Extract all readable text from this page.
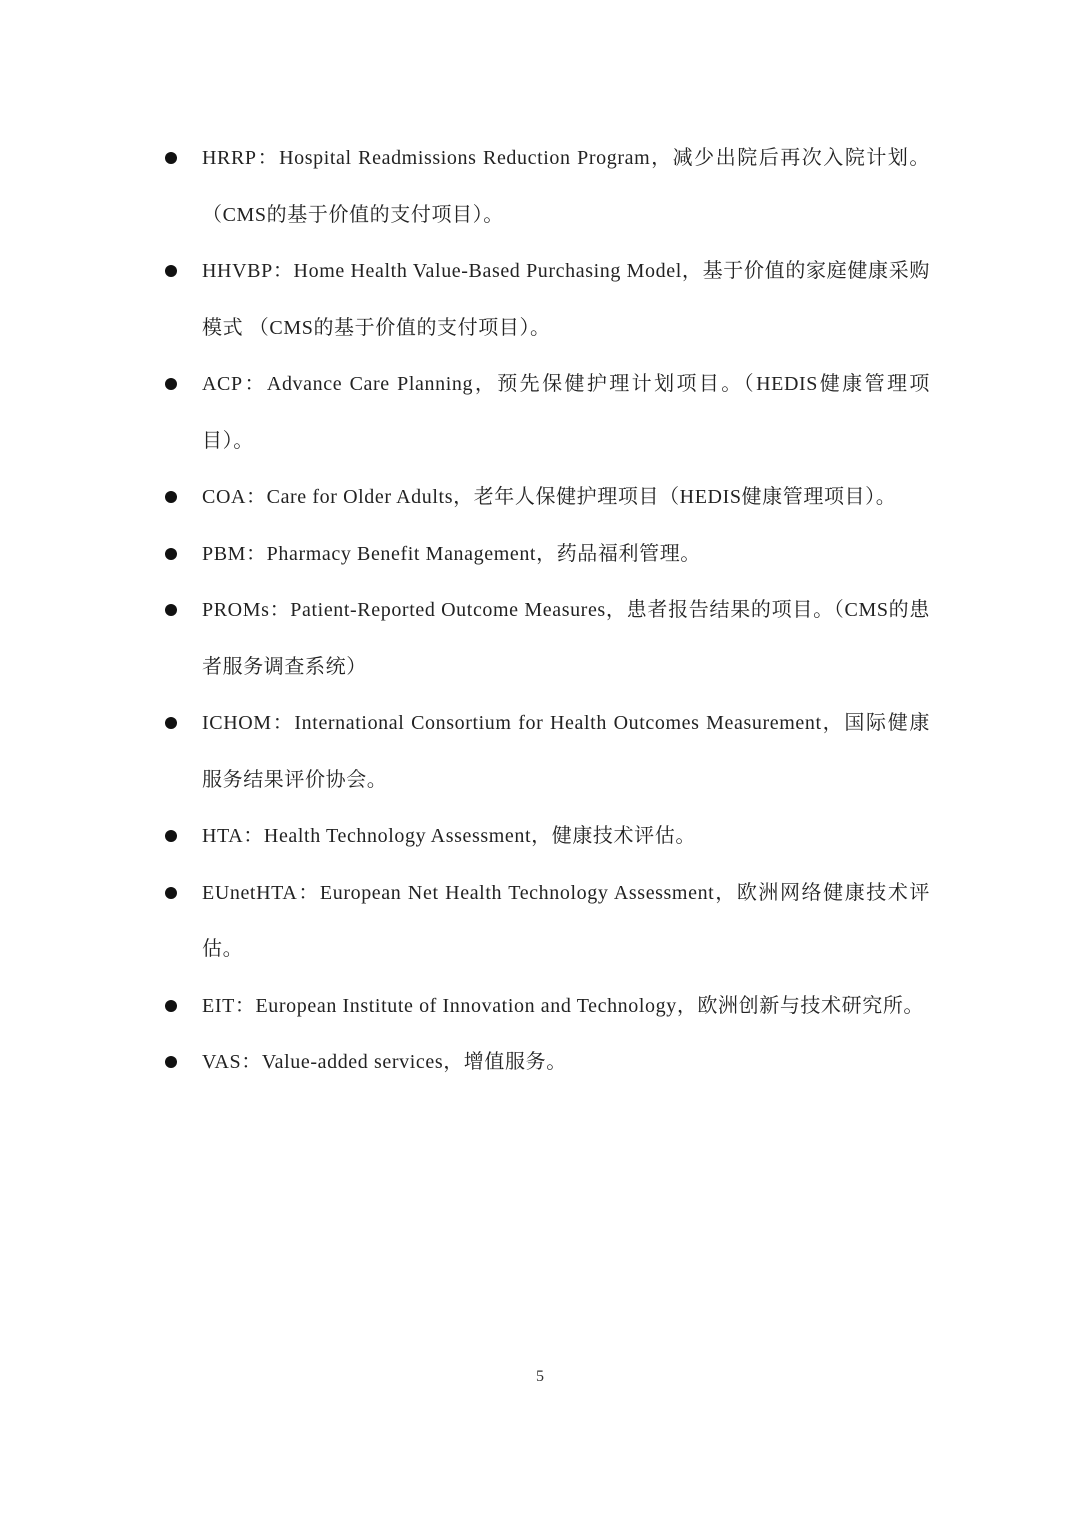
HRRP：Hospital Readmissions Reduction Program，减少出院后再次入院计划。（CMS的基于价值的支付项目）。
HHVBP：Home Health Value-Based Purchasing Model，基于价值的家庭健康采购模式 （CMS的基于价值的支付项目）。
ACP：Advance Care Planning，预先保健护理计划项目。（HEDIS健康管理项目）。
COA：Care for Older Adults，老年人保健护理项目（HEDIS健康管理项目）。
PBM：Pharmacy Benefit Management，药品福利管理。
PROMs：Patient-Reported Outcome Measures，患者报告结果的项目。（CMS的患者服务调查系统）
ICHOM：International Consortium for Health Outcomes Measurement，国际健康服务结果评价协会。
HTA：Health Technology Assessment，健康技术评估。
EUnetHTA：European Net Health Technology Assessment，欧洲网络健康技术评估。
EIT：European Institute of Innovation and Technology，欧洲创新与技术研究所。
VAS：Value-added services，增值服务。
5
